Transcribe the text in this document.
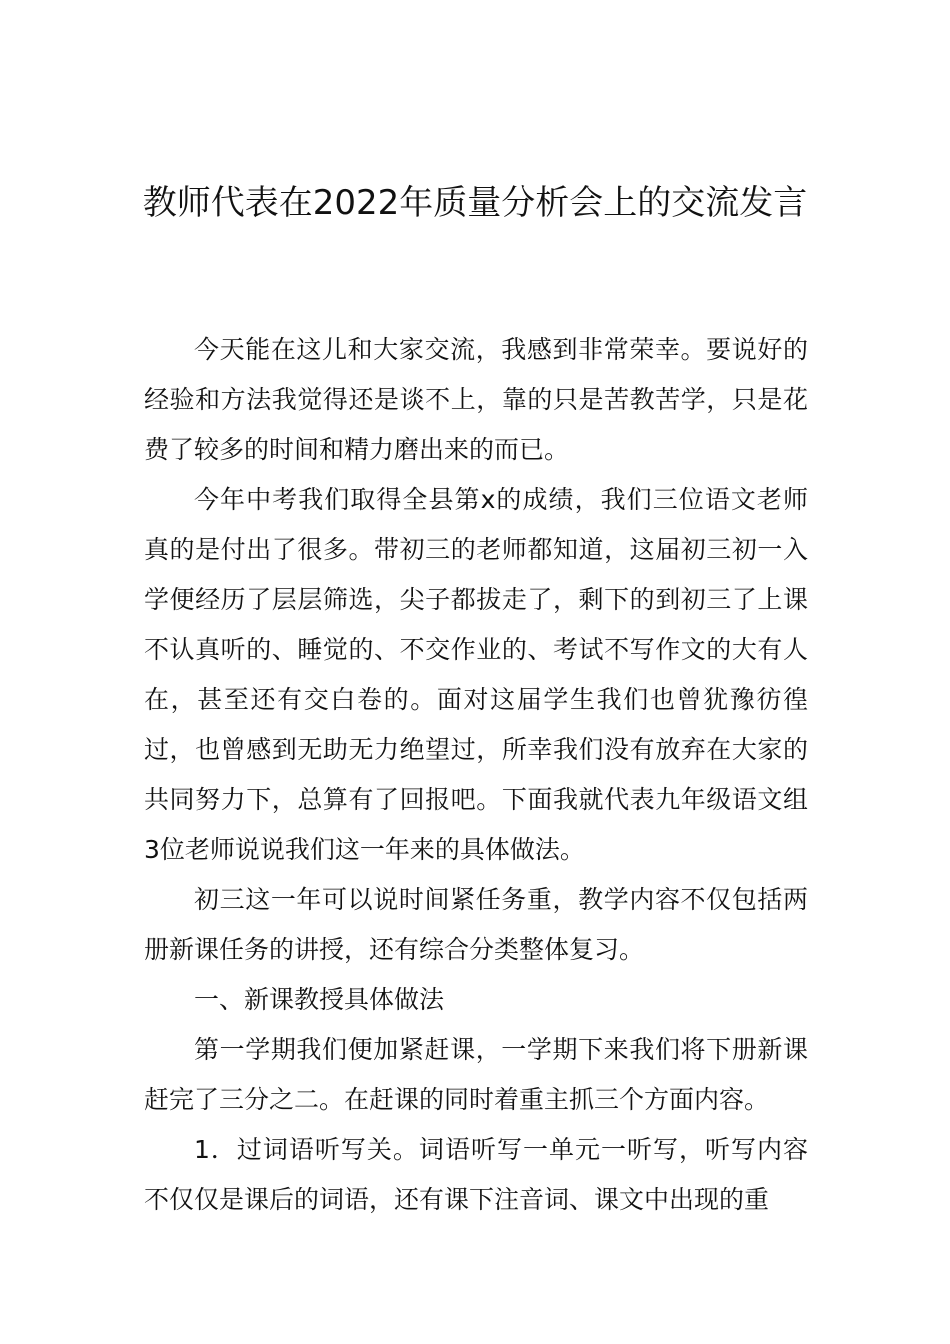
教师代表在2022年质量分析会上的交流发言

今天能在这儿和大家交流，我感到非常荣幸。要说好的经验和方法我觉得还是谈不上，靠的只是苦教苦学，只是花费了较多的时间和精力磨出来的而已。

今年中考我们取得全县第x的成绩，我们三位语文老师真的是付出了很多。带初三的老师都知道，这届初三初一入学便经历了层层筛选，尖子都拔走了，剩下的到初三了上课不认真听的、睡觉的、不交作业的、考试不写作文的大有人在，甚至还有交白卷的。面对这届学生我们也曾犹豫彷徨过，也曾感到无助无力绝望过，所幸我们没有放弃在大家的共同努力下，总算有了回报吧。下面我就代表九年级语文组3位老师说说我们这一年来的具体做法。

初三这一年可以说时间紧任务重，教学内容不仅包括两册新课任务的讲授，还有综合分类整体复习。

一、新课教授具体做法

第一学期我们便加紧赶课，一学期下来我们将下册新课赶完了三分之二。在赶课的同时着重主抓三个方面内容。

1．过词语听写关。词语听写一单元一听写，听写内容不仅仅是课后的词语，还有课下注音词、课文中出现的重
